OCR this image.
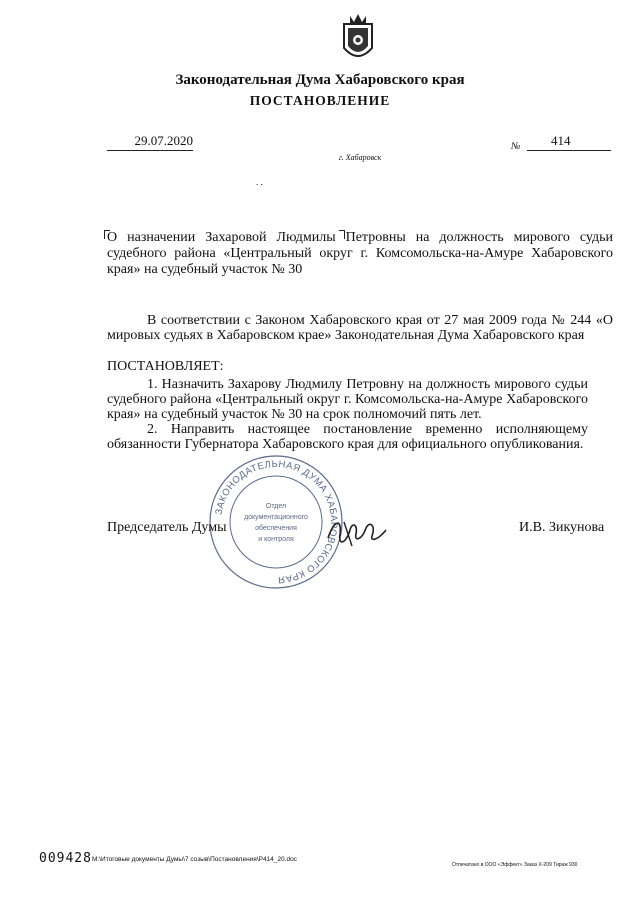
Законодательная Дума Хабаровского края
ПОСТАНОВЛЕНИЕ
29.07.2020	№	414
г. Хабаровск
. .
О назначении Захаровой Людмилы Петровны на должность мирового судьи судебного района «Центральный округ г. Комсомольска-на-Амуре Хабаровского края» на судебный участок № 30
В соответствии с Законом Хабаровского края от 27 мая 2009 года № 244 «О мировых судьях в Хабаровском крае» Законодательная Дума Хабаровского края
ПОСТАНОВЛЯЕТ:
1. Назначить Захарову Людмилу Петровну на должность мирового судьи судебного района «Центральный округ г. Комсомольска-на-Амуре Хабаровского края» на судебный участок № 30 на срок полномочий пять лет.
2. Направить настоящее постановление временно исполняющему обязанности Губернатора Хабаровского края для официального опубликования.
ЗАКОНОДАТЕЛЬНАЯ ДУМА ХАБАРОВСКОГО КРАЯ
Отдел
документационного
обеспечения
и контроля
Председатель Думы	И.В. Зикунова
009428 M:\Итоговые документы Думы\7 созыв\Постановления\P414_20.doc
Отпечатано в ООО «Эффект» Заказ Х-209 Тираж 930
